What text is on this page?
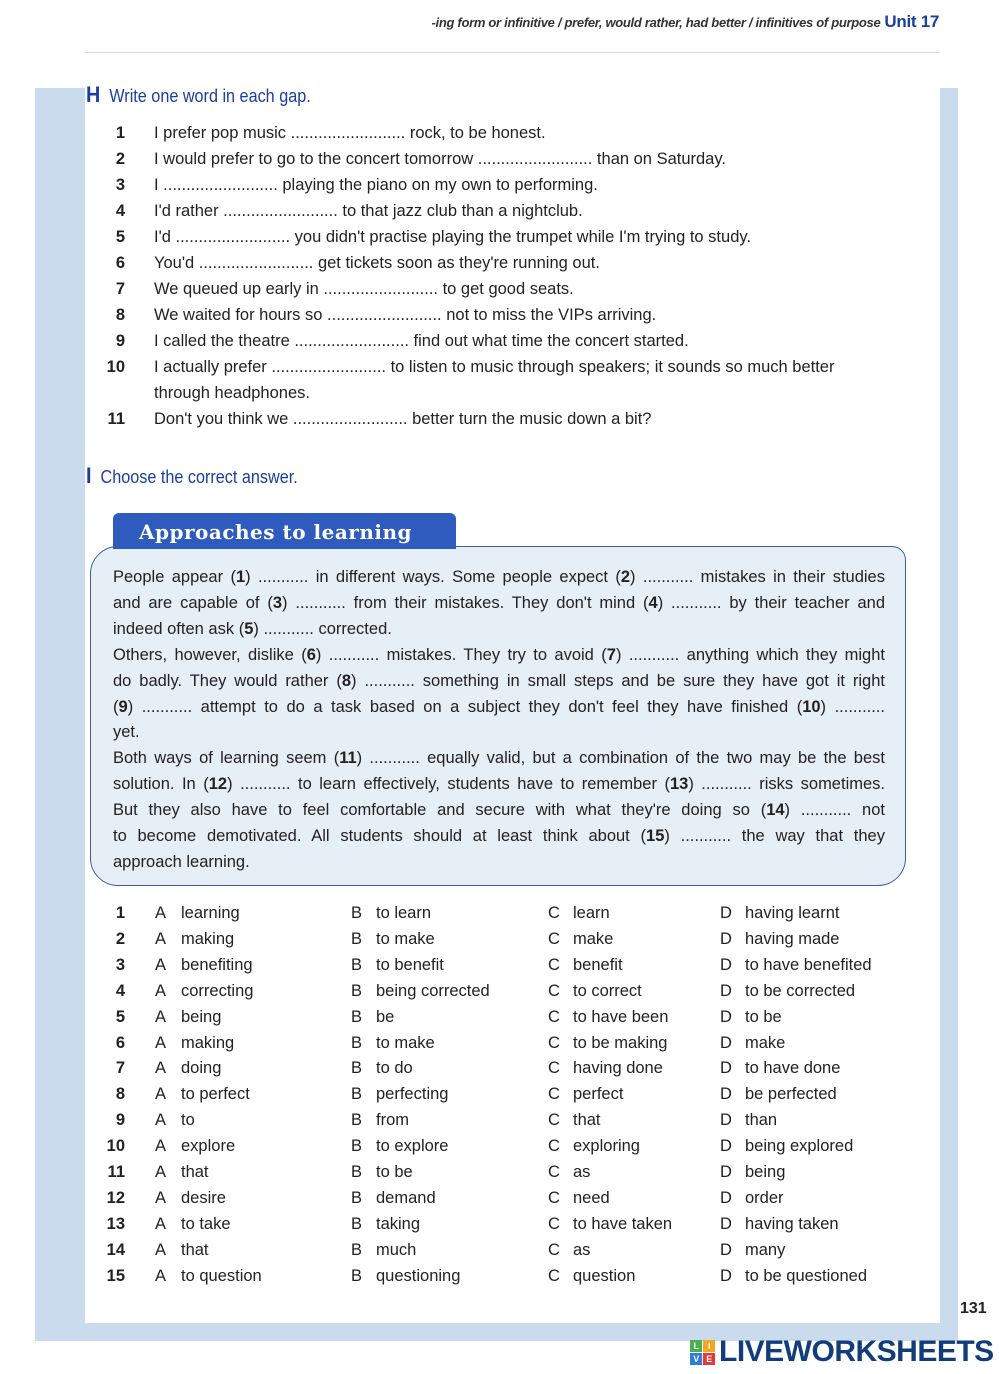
-ing form or infinitive / prefer, would rather, had better / infinitives of purpose Unit 17
H Write one word in each gap.
1 I prefer pop music ......................... rock, to be honest.
2 I would prefer to go to the concert tomorrow ......................... than on Saturday.
3 I ......................... playing the piano on my own to performing.
4 I'd rather ......................... to that jazz club than a nightclub.
5 I'd ......................... you didn't practise playing the trumpet while I'm trying to study.
6 You'd ......................... get tickets soon as they're running out.
7 We queued up early in ......................... to get good seats.
8 We waited for hours so ......................... not to miss the VIPs arriving.
9 I called the theatre ......................... find out what time the concert started.
10 I actually prefer ......................... to listen to music through speakers; it sounds so much better through headphones.
11 Don't you think we ......................... better turn the music down a bit?
I Choose the correct answer.
People appear (1) ........... in different ways. Some people expect (2) ........... mistakes in their studies
and are capable of (3) ........... from their mistakes. They don't mind (4) ........... by their teacher and
indeed often ask (5) ........... corrected.
Others, however, dislike (6) ........... mistakes. They try to avoid (7) ........... anything which they might
do badly. They would rather (8) ........... something in small steps and be sure they have got it right
(9) ........... attempt to do a task based on a subject they don't feel they have finished (10) ...........
yet.
Both ways of learning seem (11) ........... equally valid, but a combination of the two may be the best
solution. In (12) ........... to learn effectively, students have to remember (13) ........... risks sometimes.
But they also have to feel comfortable and secure with what they're doing so (14) ........... not
to become demotivated. All students should at least think about (15) ........... the way that they
approach learning.
Approaches to learning
1 A learning	B to learn	C learn	D having learnt
2 A making	B to make	C make	D having made
3 A benefiting	B to benefit	C benefit	D to have benefited
4 A correcting	B being corrected	C to correct	D to be corrected
5 A being	B be	C to have been	D to be
6 A making	B to make	C to be making	D make
7 A doing	B to do	C having done	D to have done
8 A to perfect	B perfecting	C perfect	D be perfected
9 A to	B from	C that	D than
10 A explore	B to explore	C exploring	D being explored
11 A that	B to be	C as	D being
12 A desire	B demand	C need	D order
13 A to take	B taking	C to have taken	D having taken
14 A that	B much	C as	D many
15 A to question	B questioning	C question	D to be questioned
L	I
V E LIVEWORKSHEETS
131
